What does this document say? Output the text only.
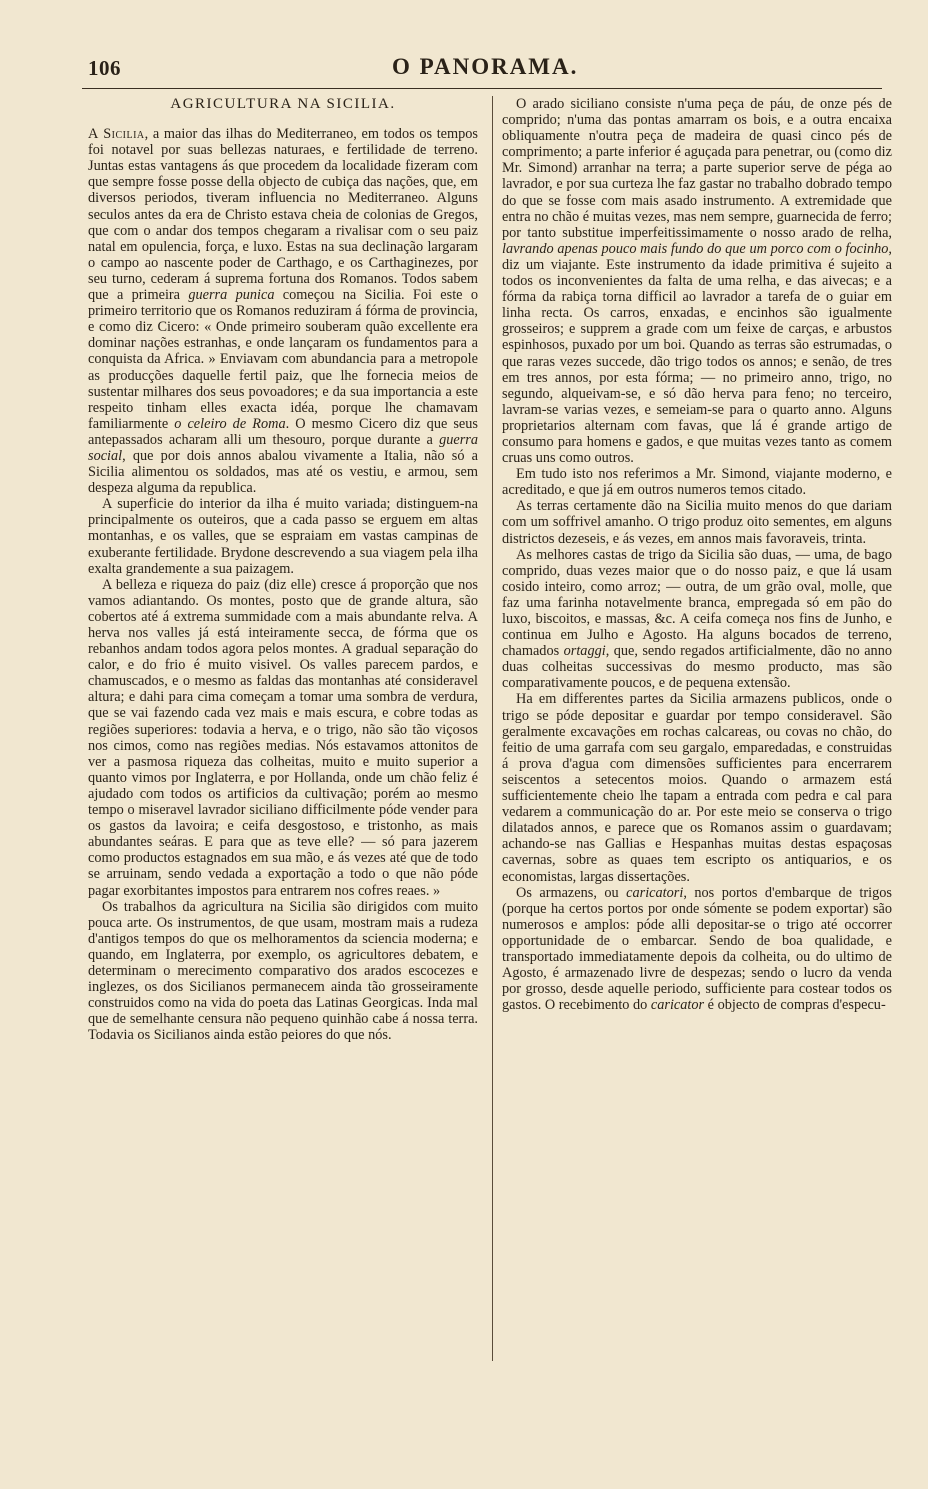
106	O PANORAMA.
AGRICULTURA NA SICILIA.

A Sicilia, a maior das ilhas do Mediterraneo, em todos os tempos foi notavel por suas bellezas naturaes, e fertilidade de terreno. Juntas estas vantagens ás que procedem da localidade fizeram com que sempre fosse posse della objecto de cubiça das nações, que, em diversos periodos, tiveram influencia no Mediterraneo. Alguns seculos antes da era de Christo estava cheia de colonias de Gregos, que com o andar dos tempos chegaram a rivalisar com o seu paiz natal em opulencia, força, e luxo. Estas na sua declinação largaram o campo ao nascente poder de Carthago, e os Carthaginezes, por seu turno, cederam á suprema fortuna dos Romanos. Todos sabem que a primeira guerra punica começou na Sicilia. Foi este o primeiro territorio que os Romanos reduziram á fórma de provincia, e como diz Cicero: « Onde primeiro souberam quão excellente era dominar nações estranhas, e onde lançaram os fundamentos para a conquista da Africa. » Enviavam com abundancia para a metropole as producções daquelle fertil paiz, que lhe fornecia meios de sustentar milhares dos seus povoadores; e da sua importancia a este respeito tinham elles exacta idéa, porque lhe chamavam familiarmente o celeiro de Roma. O mesmo Cicero diz que seus antepassados acharam alli um thesouro, porque durante a guerra social, que por dois annos abalou vivamente a Italia, não só a Sicilia alimentou os soldados, mas até os vestiu, e armou, sem despeza alguma da republica.

A superficie do interior da ilha é muito variada; distinguem-na principalmente os outeiros, que a cada passo se erguem em altas montanhas, e os valles, que se espraiam em vastas campinas de exuberante fertilidade. Brydone descrevendo a sua viagem pela ilha exalta grandemente a sua paizagem.

A belleza e riqueza do paiz (diz elle) cresce á proporção que nos vamos adiantando. Os montes, posto que de grande altura, são cobertos até á extrema summidade com a mais abundante relva. A herva nos valles já está inteiramente secca, de fórma que os rebanhos andam todos agora pelos montes. A gradual separação do calor, e do frio é muito visivel. Os valles parecem pardos, e chamuscados, e o mesmo as faldas das montanhas até consideravel altura; e dahi para cima começam a tomar uma sombra de verdura, que se vai fazendo cada vez mais e mais escura, e cobre todas as regiões superiores: todavia a herva, e o trigo, não são tão viçosos nos cimos, como nas regiões medias. Nós estavamos attonitos de ver a pasmosa riqueza das colheitas, muito e muito superior a quanto vimos por Inglaterra, e por Hollanda, onde um chão feliz é ajudado com todos os artificios da cultivação; porém ao mesmo tempo o miseravel lavrador siciliano difficilmente póde vender para os gastos da lavoira; e ceifa desgostoso, e tristonho, as mais abundantes seáras. E para que as teve elle? — só para jazerem como productos estagnados em sua mão, e ás vezes até que de todo se arruinam, sendo vedada a exportação a todo o que não póde pagar exorbitantes impostos para entrarem nos cofres reaes. »

Os trabalhos da agricultura na Sicilia são dirigidos com muito pouca arte. Os instrumentos, de que usam, mostram mais a rudeza d'antigos tempos do que os melhoramentos da sciencia moderna; e quando, em Inglaterra, por exemplo, os agricultores debatem, e determinam o merecimento comparativo dos arados escocezes e inglezes, os dos Sicilianos permanecem ainda tão grosseiramente construidos como na vida do poeta das Latinas Georgicas. Inda mal que de semelhante censura não pequeno quinhão cabe á nossa terra. Todavia os Sicilianos ainda estão peiores do que nós.

O arado siciliano consiste n'uma peça de páu, de onze pés de comprido; n'uma das pontas amarram os bois, e a outra encaixa obliquamente n'outra peça de madeira de quasi cinco pés de comprimento; a parte inferior é aguçada para penetrar, ou (como diz Mr. Simond) arranhar na terra; a parte superior serve de péga ao lavrador, e por sua curteza lhe faz gastar no trabalho dobrado tempo do que se fosse com mais asado instrumento. A extremidade que entra no chão é muitas vezes, mas nem sempre, guarnecida de ferro; por tanto substitue imperfeitissimamente o nosso arado de relha, lavrando apenas pouco mais fundo do que um porco com o focinho, diz um viajante. Este instrumento da idade primitiva é sujeito a todos os inconvenientes da falta de uma relha, e das aivecas; e a fórma da rabiça torna difficil ao lavrador a tarefa de o guiar em linha recta. Os carros, enxadas, e encinhos são igualmente grosseiros; e supprem a grade com um feixe de carças, e arbustos espinhosos, puxado por um boi. Quando as terras são estrumadas, o que raras vezes succede, dão trigo todos os annos; e senão, de tres em tres annos, por esta fórma; — no primeiro anno, trigo, no segundo, alqueivam-se, e só dão herva para feno; no terceiro, lavram-se varias vezes, e semeiam-se para o quarto anno. Alguns proprietarios alternam com favas, que lá é grande artigo de consumo para homens e gados, e que muitas vezes tanto as comem cruas uns como outros.

Em tudo isto nos referimos a Mr. Simond, viajante moderno, e acreditado, e que já em outros numeros temos citado.

As terras certamente dão na Sicilia muito menos do que dariam com um soffrivel amanho. O trigo produz oito sementes, em alguns districtos dezeseis, e ás vezes, em annos mais favoraveis, trinta.

As melhores castas de trigo da Sicilia são duas, — uma, de bago comprido, duas vezes maior que o do nosso paiz, e que lá usam cosido inteiro, como arroz; — outra, de um grão oval, molle, que faz uma farinha notavelmente branca, empregada só em pão do luxo, biscoitos, e massas, &c. A ceifa começa nos fins de Junho, e continua em Julho e Agosto. Ha alguns bocados de terreno, chamados ortaggi, que, sendo regados artificialmente, dão no anno duas colheitas successivas do mesmo producto, mas são comparativamente poucos, e de pequena extensão.

Ha em differentes partes da Sicilia armazens publicos, onde o trigo se póde depositar e guardar por tempo consideravel. São geralmente excavações em rochas calcareas, ou covas no chão, do feitio de uma garrafa com seu gargalo, emparedadas, e construidas á prova d'agua com dimensões sufficientes para encerrarem seiscentos a setecentos moios. Quando o armazem está sufficientemente cheio lhe tapam a entrada com pedra e cal para vedarem a communicação do ar. Por este meio se conserva o trigo dilatados annos, e parece que os Romanos assim o guardavam; achando-se nas Gallias e Hespanhas muitas destas espaçosas cavernas, sobre as quaes tem escripto os antiquarios, e os economistas, largas dissertações.

Os armazens, ou caricatori, nos portos d'embarque de trigos (porque ha certos portos por onde sómente se podem exportar) são numerosos e amplos: póde alli depositar-se o trigo até occorrer opportunidade de o embarcar. Sendo de boa qualidade, e transportado immediatamente depois da colheita, ou do ultimo de Agosto, é armazenado livre de despezas; sendo o lucro da venda por grosso, desde aquelle periodo, sufficiente para costear todos os gastos. O recebimento do caricator é objecto de compras d'especu-
